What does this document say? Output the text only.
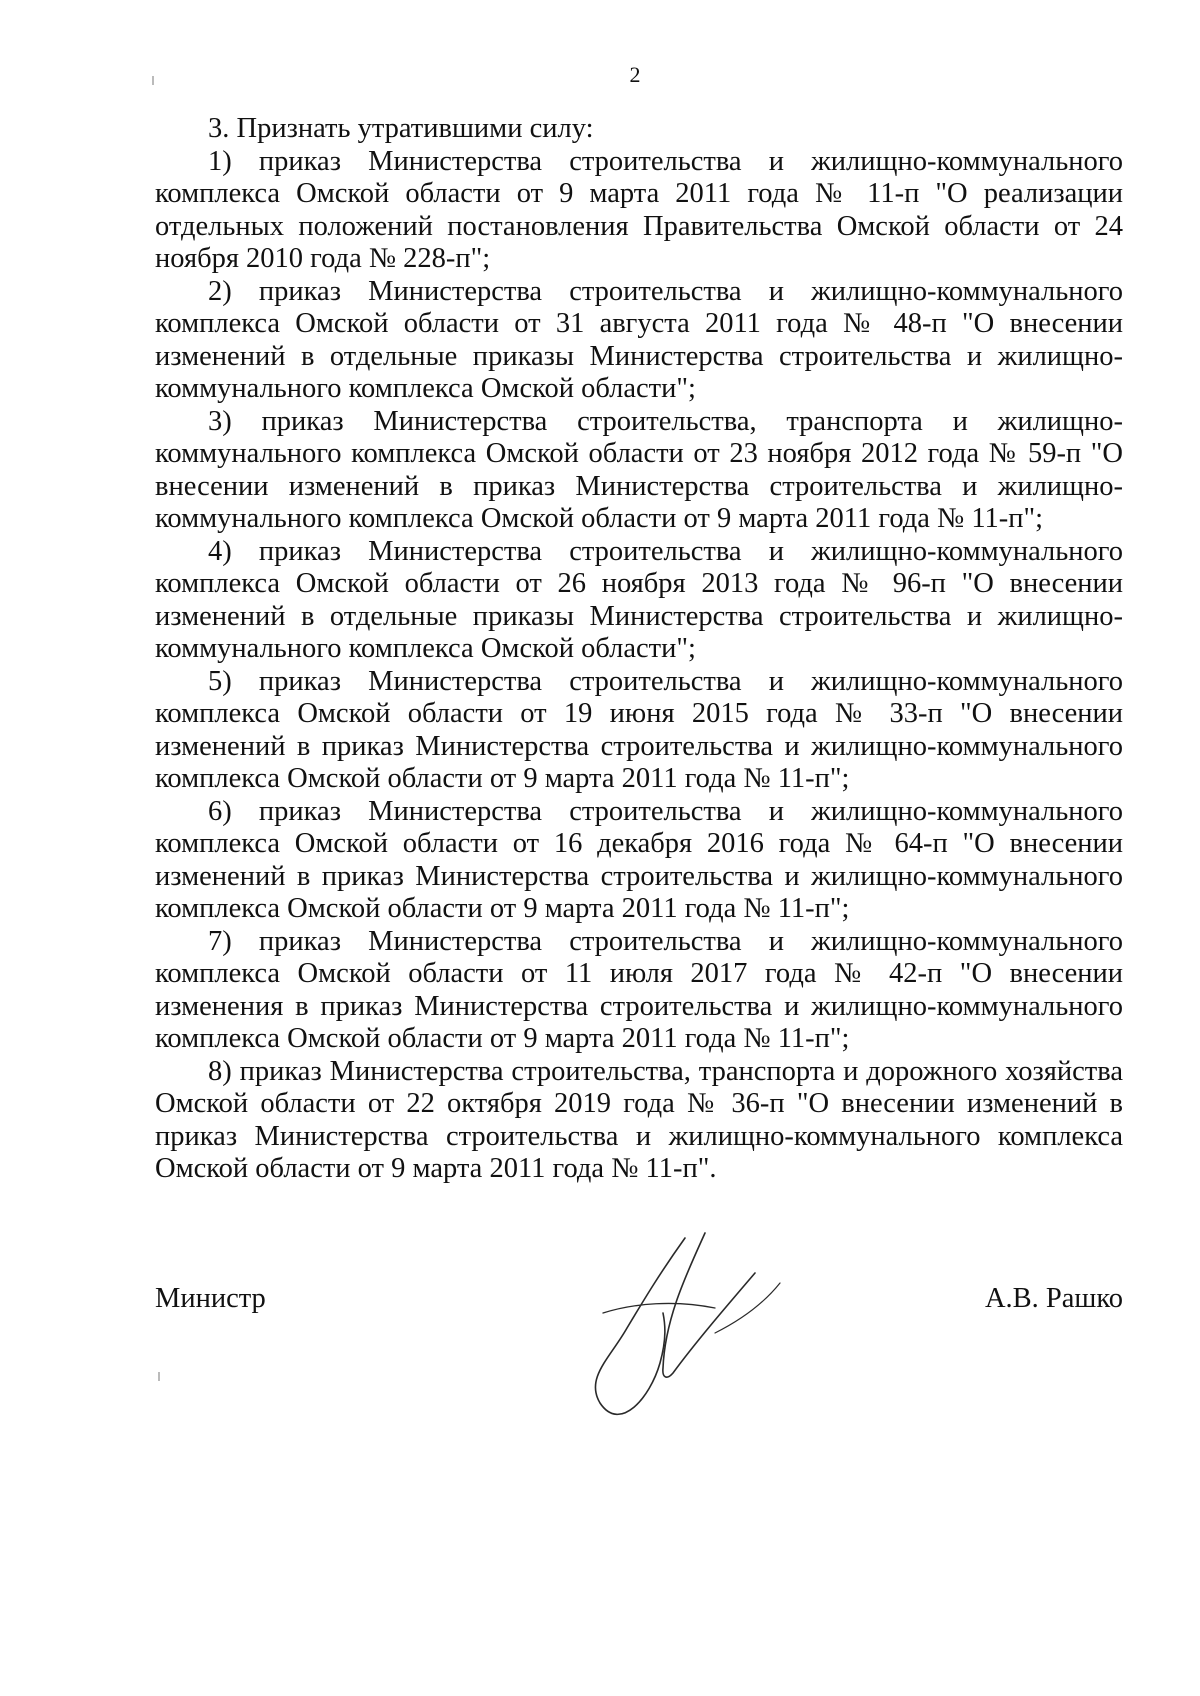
2

3. Признать утратившими силу:

1) приказ Министерства строительства и жилищно-коммунального комплекса Омской области от 9 марта 2011 года № 11-п "О реализации отдельных положений постановления Правительства Омской области от 24 ноября 2010 года № 228-п";

2) приказ Министерства строительства и жилищно-коммунального комплекса Омской области от 31 августа 2011 года № 48-п "О внесении изменений в отдельные приказы Министерства строительства и жилищно-коммунального комплекса Омской области";

3) приказ Министерства строительства, транспорта и жилищно-коммунального комплекса Омской области от 23 ноября 2012 года № 59-п "О внесении изменений в приказ Министерства строительства и жилищно-коммунального комплекса Омской области от 9 марта 2011 года № 11-п";

4) приказ Министерства строительства и жилищно-коммунального комплекса Омской области от 26 ноября 2013 года № 96-п "О внесении изменений в отдельные приказы Министерства строительства и жилищно-коммунального комплекса Омской области";

5) приказ Министерства строительства и жилищно-коммунального комплекса Омской области от 19 июня 2015 года № 33-п "О внесении изменений в приказ Министерства строительства и жилищно-коммунального комплекса Омской области от 9 марта 2011 года № 11-п";

6) приказ Министерства строительства и жилищно-коммунального комплекса Омской области от 16 декабря 2016 года № 64-п "О внесении изменений в приказ Министерства строительства и жилищно-коммунального комплекса Омской области от 9 марта 2011 года № 11-п";

7) приказ Министерства строительства и жилищно-коммунального комплекса Омской области от 11 июля 2017 года № 42-п "О внесении изменения в приказ Министерства строительства и жилищно-коммунального комплекса Омской области от 9 марта 2011 года № 11-п";

8) приказ Министерства строительства, транспорта и дорожного хозяйства Омской области от 22 октября 2019 года № 36-п "О внесении изменений в приказ Министерства строительства и жилищно-коммунального комплекса Омской области от 9 марта 2011 года № 11-п".

Министр	А.В. Рашко
